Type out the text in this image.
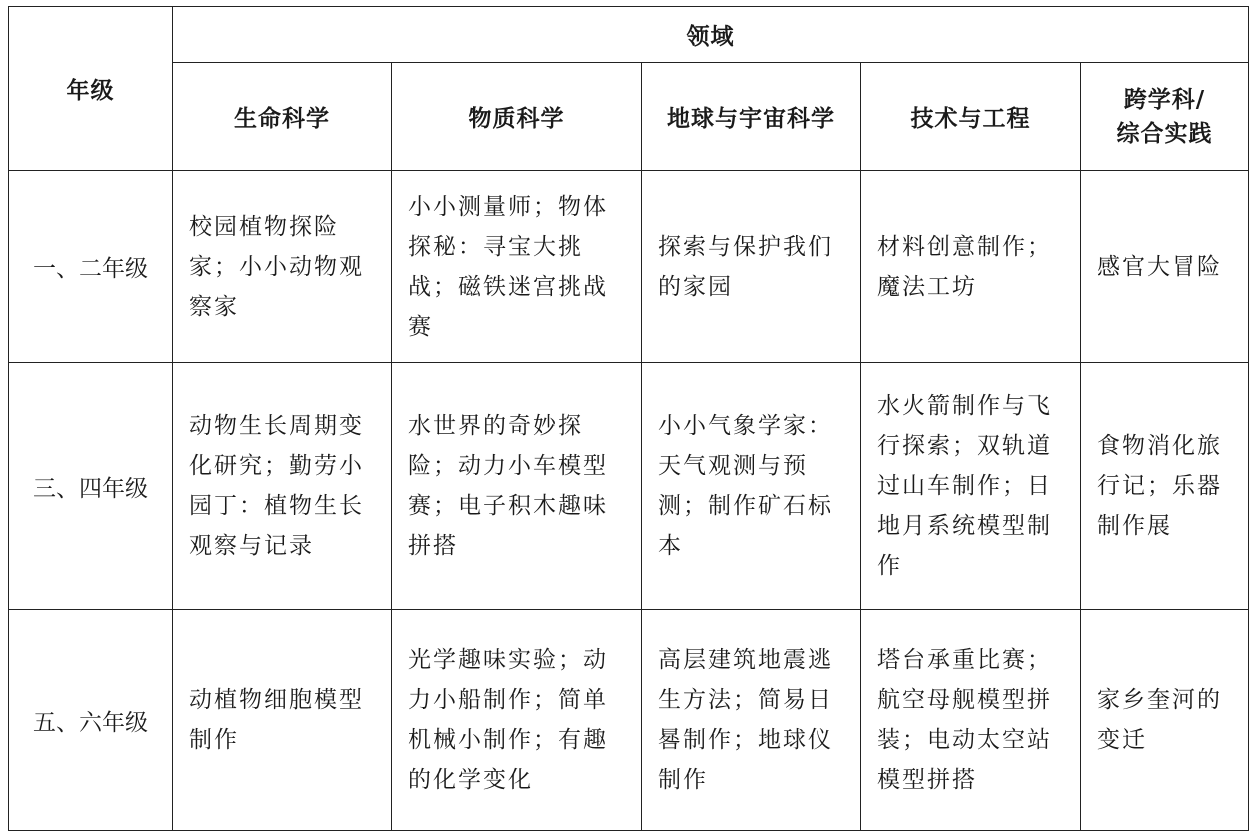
年级	领域				
	生命科学	物质科学	地球与宇宙科学	技术与工程	跨学科/
综合实践

一、二年级	校园植物探险家；小小动物观察家	小小测量师；物体探秘：寻宝大挑战；磁铁迷宫挑战赛	探索与保护我们的家园	材料创意制作；魔法工坊	感官大冒险
三、四年级	动物生长周期变化研究；勤劳小园丁：植物生长观察与记录	水世界的奇妙探险；动力小车模型赛；电子积木趣味拼搭	小小气象学家：天气观测与预测；制作矿石标本	水火箭制作与飞行探索；双轨道过山车制作；日地月系统模型制作	食物消化旅行记；乐器制作展
五、六年级	动植物细胞模型制作	光学趣味实验；动力小船制作；简单机械小制作；有趣的化学变化	高层建筑地震逃生方法；简易日晷制作；地球仪制作	塔台承重比赛；航空母舰模型拼装；电动太空站模型拼搭	家乡奎河的变迁
